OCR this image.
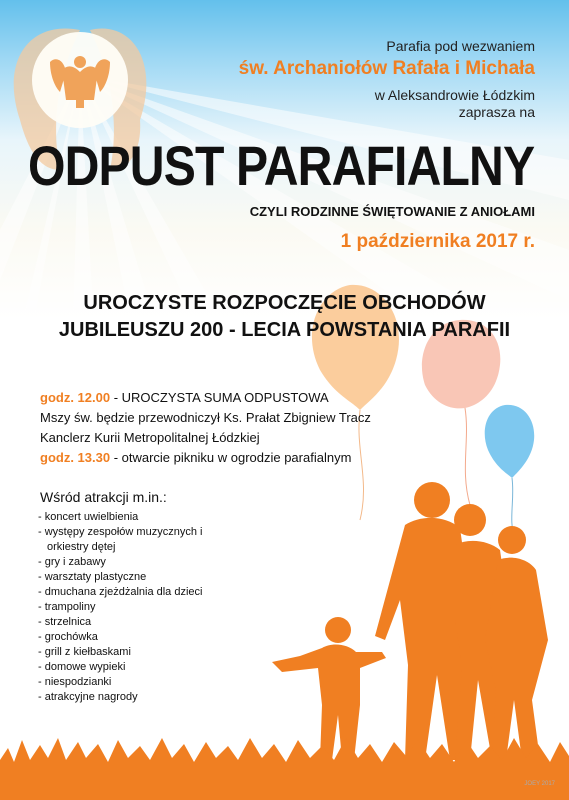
Parafia pod wezwaniem
św. Archaniołów Rafała i Michała
w Aleksandrowie Łódzkim
zaprasza na
ODPUST PARAFIALNY
CZYLI RODZINNE ŚWIĘTOWANIE Z ANIOŁAMI
1 października 2017 r.
UROCZYSTE ROZPOCZĘCIE OBCHODÓW
JUBILEUSZU 200 - LECIA POWSTANIA PARAFII
godz. 12.00 - UROCZYSTA SUMA ODPUSTOWA
Mszy św. będzie przewodniczył Ks. Prałat Zbigniew Tracz
Kanclerz Kurii Metropolitalnej Łódzkiej
godz. 13.30 - otwarcie pikniku w ogrodzie parafialnym
Wśród atrakcji m.in.:
- koncert uwielbienia
- występy zespołów muzycznych i
orkiestry dętej
- gry i zabawy
- warsztaty plastyczne
- dmuchana zjeżdżalnia dla dzieci
- trampoliny
- strzelnica
- grochówka
- grill z kiełbaskami
- domowe wypieki
- niespodzianki
- atrakcyjne nagrody
JOEY 2017
